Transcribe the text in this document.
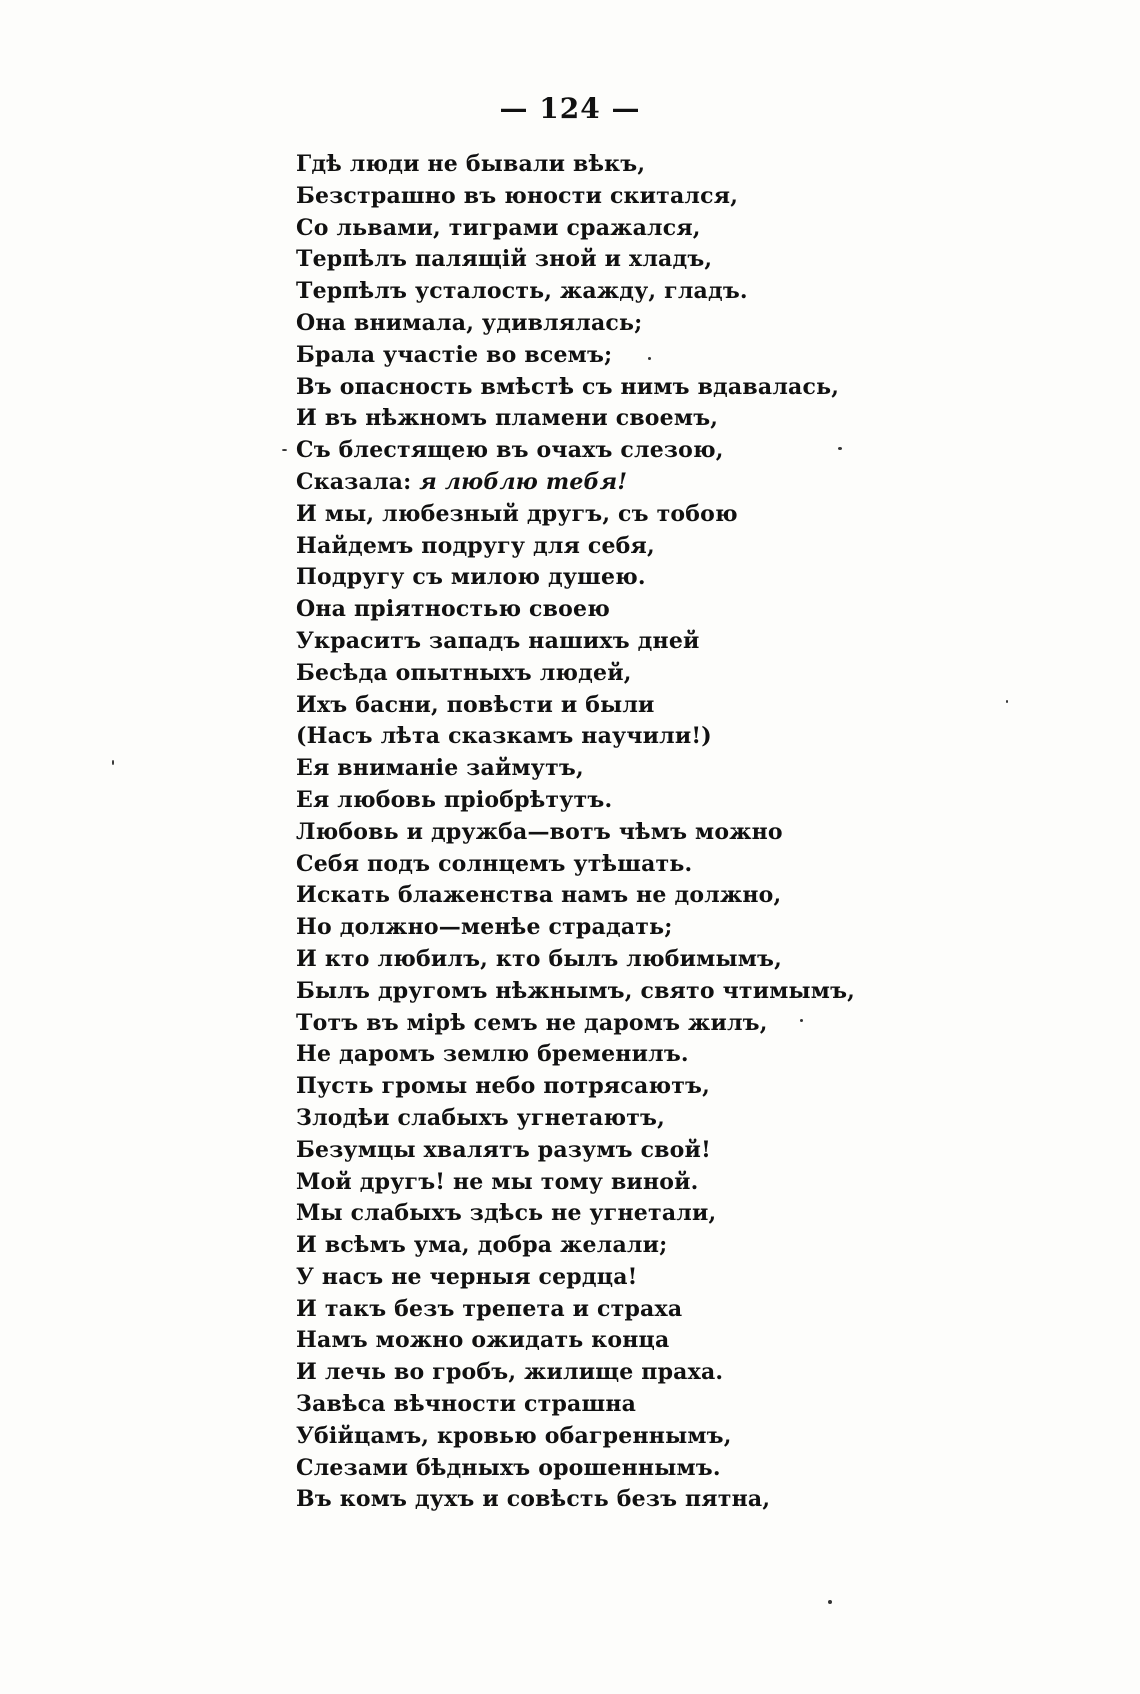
— 124 —
Гдѣ люди не бывали вѣкъ,
Безстрашно въ юности скитался,
Со львами, тиграми сражался,
Терпѣлъ палящій зной и хладъ,
Терпѣлъ усталость, жажду, гладъ.
Она внимала, удивлялась;
Брала участіе во всемъ;
Въ опасность вмѣстѣ съ нимъ вдавалась,
И въ нѣжномъ пламени своемъ,
Съ блестящею въ очахъ слезою,
Сказала: я люблю тебя!
И мы, любезный другъ, съ тобою
Найдемъ подругу для себя,
Подругу съ милою душею.
Она пріятностью своею
Украситъ западъ нашихъ дней
Бесѣда опытныхъ людей,
Ихъ басни, повѣсти и были
(Насъ лѣта сказкамъ научили!)
Ея вниманіе займутъ,
Ея любовь пріобрѣтутъ.
Любовь и дружба—вотъ чѣмъ можно
Себя подъ солнцемъ утѣшать.
Искать блаженства намъ не должно,
Но должно—менѣе страдать;
И кто любилъ, кто былъ любимымъ,
Былъ другомъ нѣжнымъ, свято чтимымъ,
Тотъ въ мірѣ семъ не даромъ жилъ,
Не даромъ землю бременилъ.
Пусть громы небо потрясаютъ,
Злодѣи слабыхъ угнетаютъ,
Безумцы хвалятъ разумъ свой!
Мой другъ! не мы тому виной.
Мы слабыхъ здѣсь не угнетали,
И всѣмъ ума, добра желали;
У насъ не черныя сердца!
И такъ безъ трепета и страха
Намъ можно ожидать конца
И лечь во гробъ, жилище праха.
Завѣса вѣчности страшна
Убійцамъ, кровью обагреннымъ,
Слезами бѣдныхъ орошеннымъ.
Въ комъ духъ и совѣсть безъ пятна,
